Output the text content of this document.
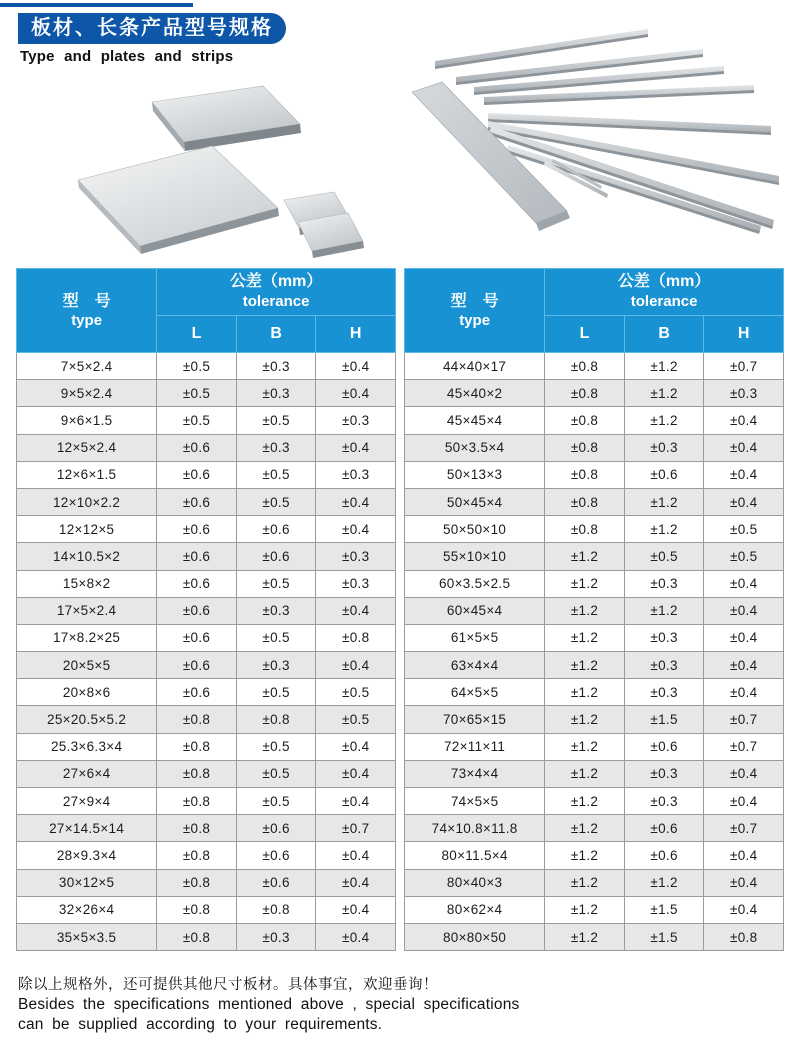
板材、长条产品型号规格
Type and plates and strips
型　号
type	公差（mm）
tolerance		
	L	B	H
7×5×2.4	±0.5	±0.3	±0.4
9×5×2.4	±0.5	±0.3	±0.4
9×6×1.5	±0.5	±0.5	±0.3
12×5×2.4	±0.6	±0.3	±0.4
12×6×1.5	±0.6	±0.5	±0.3
12×10×2.2	±0.6	±0.5	±0.4
12×12×5	±0.6	±0.6	±0.4
14×10.5×2	±0.6	±0.6	±0.3
15×8×2	±0.6	±0.5	±0.3
17×5×2.4	±0.6	±0.3	±0.4
17×8.2×25	±0.6	±0.5	±0.8
20×5×5	±0.6	±0.3	±0.4
20×8×6	±0.6	±0.5	±0.5
25×20.5×5.2	±0.8	±0.8	±0.5
25.3×6.3×4	±0.8	±0.5	±0.4
27×6×4	±0.8	±0.5	±0.4
27×9×4	±0.8	±0.5	±0.4
27×14.5×14	±0.8	±0.6	±0.7
28×9.3×4	±0.8	±0.6	±0.4
30×12×5	±0.8	±0.6	±0.4
32×26×4	±0.8	±0.8	±0.4
35×5×3.5	±0.8	±0.3	±0.4
型　号
type	公差（mm）
tolerance		
	L	B	H
44×40×17	±0.8	±1.2	±0.7
45×40×2	±0.8	±1.2	±0.3
45×45×4	±0.8	±1.2	±0.4
50×3.5×4	±0.8	±0.3	±0.4
50×13×3	±0.8	±0.6	±0.4
50×45×4	±0.8	±1.2	±0.4
50×50×10	±0.8	±1.2	±0.5
55×10×10	±1.2	±0.5	±0.5
60×3.5×2.5	±1.2	±0.3	±0.4
60×45×4	±1.2	±1.2	±0.4
61×5×5	±1.2	±0.3	±0.4
63×4×4	±1.2	±0.3	±0.4
64×5×5	±1.2	±0.3	±0.4
70×65×15	±1.2	±1.5	±0.7
72×11×11	±1.2	±0.6	±0.7
73×4×4	±1.2	±0.3	±0.4
74×5×5	±1.2	±0.3	±0.4
74×10.8×11.8	±1.2	±0.6	±0.7
80×11.5×4	±1.2	±0.6	±0.4
80×40×3	±1.2	±1.2	±0.4
80×62×4	±1.2	±1.5	±0.4
80×80×50	±1.2	±1.5	±0.8
除以上规格外，还可提供其他尺寸板材。具体事宜，欢迎垂询！
Besides the specifications mentioned above , special specifications
can be supplied according to your requirements.
